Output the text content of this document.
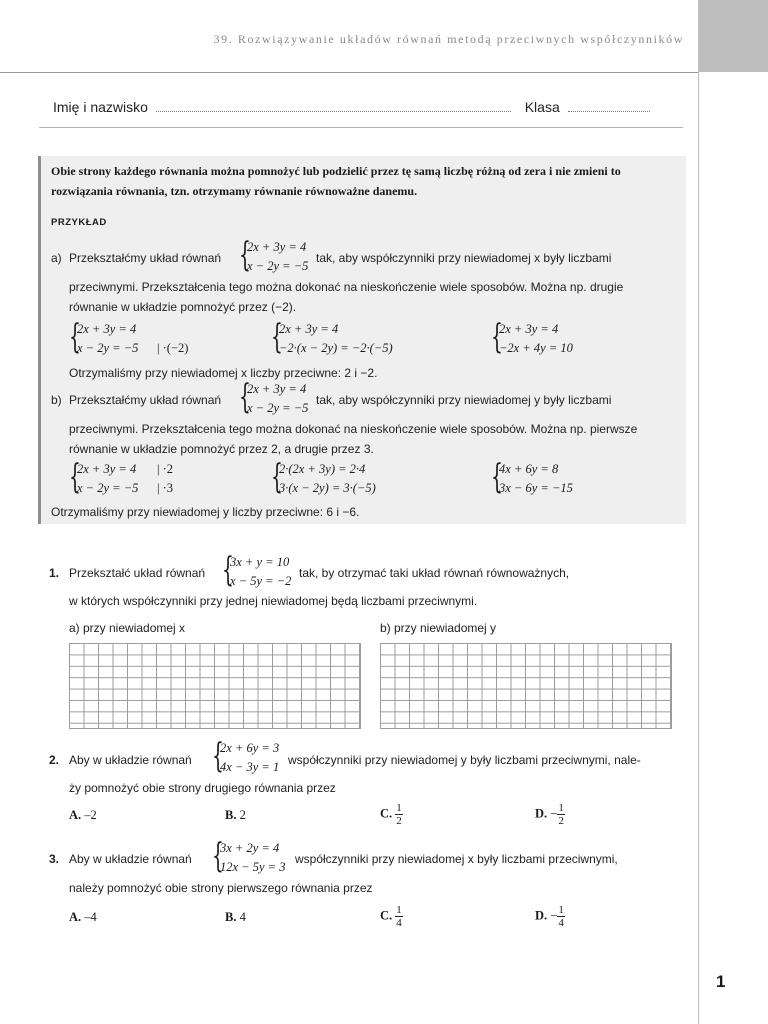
39. Rozwiązywanie układów równań metodą przeciwnych współczynników
Imię i nazwisko	Klasa
Obie strony każdego równania można pomnożyć lub podzielić przez tę samą liczbę różną od zera i nie zmieni to rozwiązania równania, tzn. otrzymamy równanie równoważne danemu.
PRZYKŁAD
a) Przekształćmy układ równań {
2x + 3y = 4
x − 2y = −5
tak, aby współczynniki przy niewiadomej x były liczbami
przeciwnymi. Przekształcenia tego można dokonać na nieskończenie wiele sposobów. Można np. drugie
równanie w układzie pomnożyć przez (−2).
{
2x + 3y = 4
x − 2y = −5 | ·(−2) {
2x + 3y = 4
−2·(x − 2y) = −2·(−5)	{
2x + 3y = 4
−2x + 4y = 10
Otrzymaliśmy przy niewiadomej x liczby przeciwne: 2 i −2.
b) Przekształćmy układ równań {
2x + 3y = 4
x − 2y = −5
tak, aby współczynniki przy niewiadomej y były liczbami
przeciwnymi. Przekształcenia tego można dokonać na nieskończenie wiele sposobów. Można np. pierwsze
równanie w układzie pomnożyć przez 2, a drugie przez 3.
{
2x + 3y = 4
x − 2y = −5
| ·2
| ·3	{
2·(2x + 3y) = 2·4
3·(x − 2y) = 3·(−5)	{
4x + 6y = 8
3x − 6y = −15
Otrzymaliśmy przy niewiadomej y liczby przeciwne: 6 i −6.
1. Przekształć układ równań {
3x + y = 10
x − 5y = −2
tak, by otrzymać taki układ równań równoważnych,
w których współczynniki przy jednej niewiadomej będą liczbami przeciwnymi.
a) przy niewiadomej x	b) przy niewiadomej y
2. Aby w układzie równań {
2x + 6y = 3
4x − 3y = 1 współczynniki przy niewiadomej y były liczbami przeciwnymi, nale-
ży pomnożyć obie strony drugiego równania przez
A. –2	B. 2	C. $\frac{1}{2}$	D. − $\frac{1}{2}$
3. Aby w układzie równań {
3x + 2y = 4
12x − 5y = 3
współczynniki przy niewiadomej x były liczbami przeciwnymi,
należy pomnożyć obie strony pierwszego równania przez
A. –4	B. 4	C. $\frac{1}{4}$	D. − $\frac{1}{4}$
1
